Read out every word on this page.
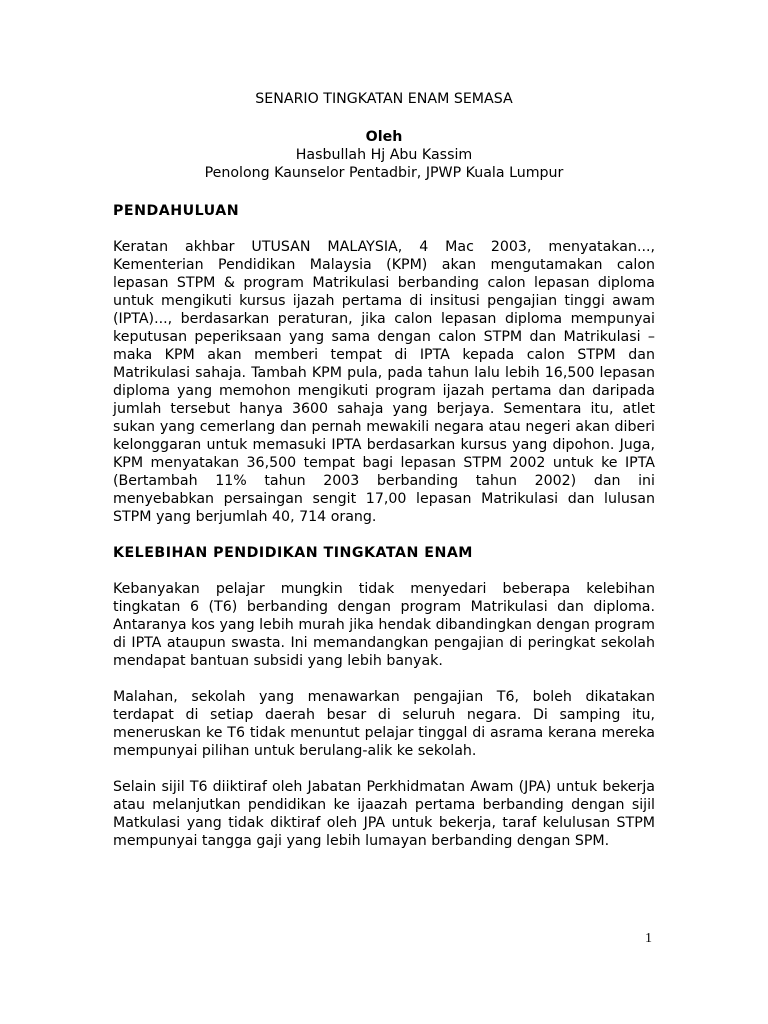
SENARIO TINGKATAN ENAM SEMASA
Oleh
Hasbullah Hj Abu Kassim
Penolong Kaunselor Pentadbir, JPWP Kuala Lumpur
PENDAHULUAN

Keratan akhbar UTUSAN MALAYSIA, 4 Mac 2003, menyatakan..., Kementerian Pendidikan Malaysia (KPM) akan mengutamakan calon lepasan STPM & program Matrikulasi berbanding calon lepasan diploma untuk mengikuti kursus ijazah pertama di insitusi pengajian tinggi awam (IPTA)..., berdasarkan peraturan, jika calon lepasan diploma mempunyai keputusan peperiksaan yang sama dengan calon STPM dan Matrikulasi – maka KPM akan memberi tempat di IPTA kepada calon STPM dan Matrikulasi sahaja. Tambah KPM pula, pada tahun lalu lebih 16,500 lepasan diploma yang memohon mengikuti program ijazah pertama dan daripada jumlah tersebut hanya 3600 sahaja yang berjaya. Sementara itu, atlet sukan yang cemerlang dan pernah mewakili negara atau negeri akan diberi kelonggaran untuk memasuki IPTA berdasarkan kursus yang dipohon. Juga, KPM menyatakan 36,500 tempat bagi lepasan STPM 2002 untuk ke IPTA (Bertambah 11% tahun 2003 berbanding tahun 2002) dan ini menyebabkan persaingan sengit 17,00 lepasan Matrikulasi dan lulusan STPM yang berjumlah 40, 714 orang.

KELEBIHAN PENDIDIKAN TINGKATAN ENAM

Kebanyakan pelajar mungkin tidak menyedari beberapa kelebihan tingkatan 6 (T6) berbanding dengan program Matrikulasi dan diploma. Antaranya kos yang lebih murah jika hendak dibandingkan dengan program di IPTA ataupun swasta. Ini memandangkan pengajian di peringkat sekolah mendapat bantuan subsidi yang lebih banyak.

Malahan, sekolah yang menawarkan pengajian T6, boleh dikatakan terdapat di setiap daerah besar di seluruh negara. Di samping itu, meneruskan ke T6 tidak menuntut pelajar tinggal di asrama kerana mereka mempunyai pilihan untuk berulang-alik ke sekolah.

Selain sijil T6 diiktiraf oleh Jabatan Perkhidmatan Awam (JPA) untuk bekerja atau melanjutkan pendidikan ke ijaazah pertama berbanding dengan sijil Matkulasi yang tidak diktiraf oleh JPA untuk bekerja, taraf kelulusan STPM mempunyai tangga gaji yang lebih lumayan berbanding dengan SPM.

1
